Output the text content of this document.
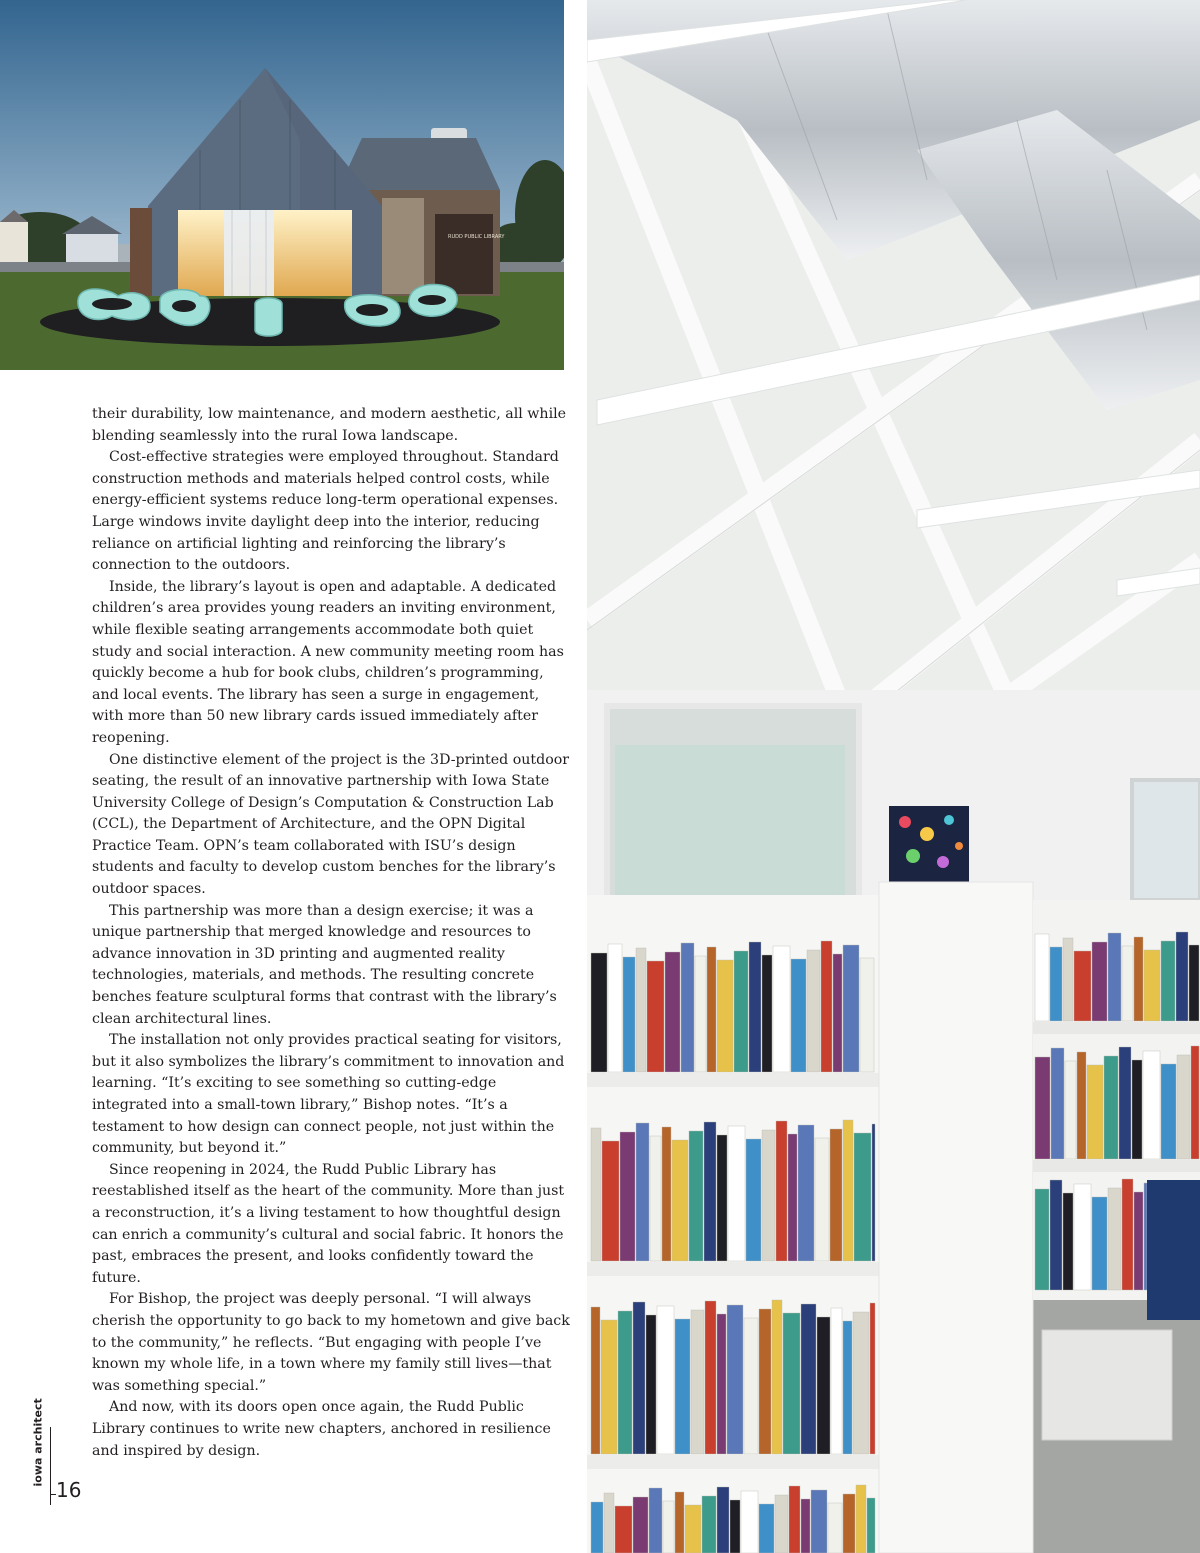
RUDD PUBLIC LIBRARY

their durability, low maintenance, and modern aesthetic, all while blending seamlessly into the rural Iowa landscape.

Cost-effective strategies were employed throughout. Standard construction methods and materials helped control costs, while energy-efficient systems reduce long-term operational expenses. Large windows invite daylight deep into the interior, reducing reliance on artificial lighting and reinforcing the library’s connection to the outdoors.

Inside, the library’s layout is open and adaptable. A dedicated children’s area provides young readers an inviting environment, while flexible seating arrangements accommodate both quiet study and social interaction. A new community meeting room has quickly become a hub for book clubs, children’s programming, and local events. The library has seen a surge in engagement, with more than 50 new library cards issued immediately after reopening.

One distinctive element of the project is the 3D-printed outdoor seating, the result of an innovative partnership with Iowa State University College of Design’s Computation & Construction Lab (CCL), the Department of Architecture, and the OPN Digital Practice Team. OPN’s team collaborated with ISU’s design students and faculty to develop custom benches for the library’s outdoor spaces.

This partnership was more than a design exercise; it was a unique partnership that merged knowledge and resources to advance innovation in 3D printing and augmented reality technologies, materials, and methods. The resulting concrete benches feature sculptural forms that contrast with the library’s clean architectural lines.

The installation not only provides practical seating for visitors, but it also symbolizes the library’s commitment to innovation and learning. “It’s exciting to see something so cutting-edge integrated into a small-town library,” Bishop notes. “It’s a testament to how design can connect people, not just within the community, but beyond it.”

Since reopening in 2024, the Rudd Public Library has reestablished itself as the heart of the community. More than just a reconstruction, it’s a living testament to how thoughtful design can enrich a community’s cultural and social fabric. It honors the past, embraces the present, and looks confidently toward the future.

For Bishop, the project was deeply personal. “I will always cherish the opportunity to go back to my hometown and give back to the community,” he reflects. “But engaging with people I’ve known my whole life, in a town where my family still lives—that was something special.”

And now, with its doors open once again, the Rudd Public Library continues to write new chapters, anchored in resilience and inspired by design.

iowa architect
16
